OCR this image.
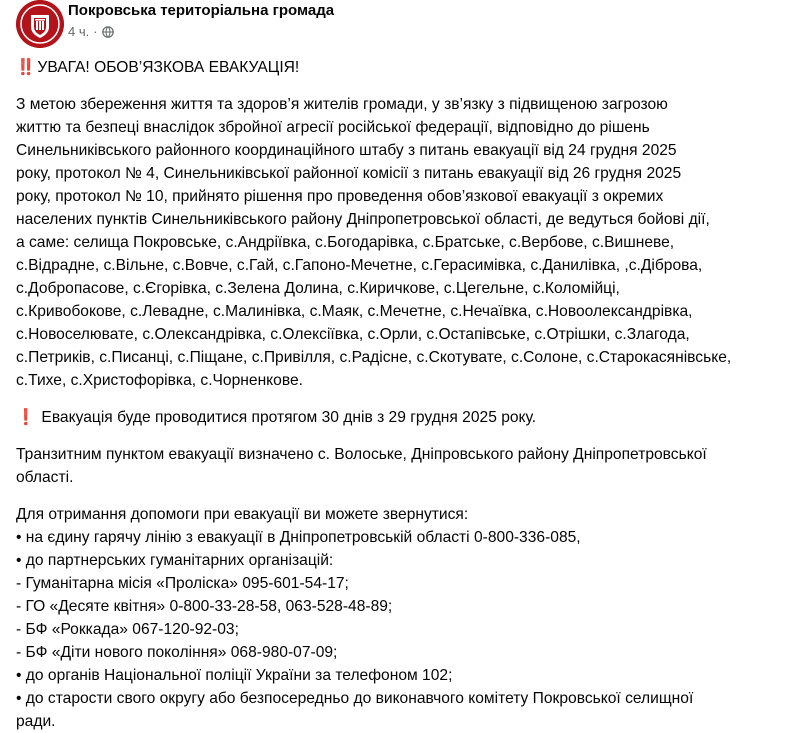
Покровська територіальна громада
4 ч. ·
‼️ УВАГА! ОБОВ’ЯЗКОВА ЕВАКУАЦІЯ!
З метою збереження життя та здоров’я жителів громади, у зв’язку з підвищеною загрозою
життю та безпеці внаслідок збройної агресії російської федерації, відповідно до рішень
Синельниківського районного координаційного штабу з питань евакуації від 24 грудня 2025
року, протокол № 4, Синельниківської районної комісії з питань евакуації від 26 грудня 2025
року, протокол № 10, прийнято рішення про проведення обов’язкової евакуації з окремих
населених пунктів Синельниківського району Дніпропетровської області, де ведуться бойові дії,
а саме: селища Покровське, с.Андріївка, с.Богодарівка, с.Братське, с.Вербове, с.Вишневе,
с.Відрадне, с.Вільне, с.Вовче, с.Гай, с.Гапоно-Мечетне, с.Герасимівка, с.Данилівка, ,с.Діброва,
с.Добропасове, с.Єгорівка, с.Зелена Долина, с.Киричкове, с.Цегельне, с.Коломійці,
с.Кривобокове, с.Левадне, с.Малинівка, с.Маяк, с.Мечетне, с.Нечаївка, с.Новоолександрівка,
с.Новоселювате, с.Олександрівка, с.Олексіївка, с.Орли, с.Остапівське, с.Отрішки, с.Злагода,
с.Петриків, с.Писанці, с.Піщане, с.Привілля, с.Радісне, с.Скотувате, с.Солоне, с.Старокасянівське,
с.Тихе, с.Христофорівка, с.Чорненкове.
❗ Евакуація буде проводитися протягом 30 днів з 29 грудня 2025 року.
Транзитним пунктом евакуації визначено с. Волоське, Дніпровського району Дніпропетровської
області.
Для отримання допомоги при евакуації ви можете звернутися:
• на єдину гарячу лінію з евакуації в Дніпропетровській області 0-800-336-085,
• до партнерських гуманітарних організацій:
- Гуманітарна місія «Проліска» 095-601-54-17;
- ГО «Десяте квітня» 0-800-33-28-58, 063-528-48-89;
- БФ «Роккада» 067-120-92-03;
- БФ «Діти нового покоління» 068-980-07-09;
• до органів Національної поліції України за телефоном 102;
• до старости свого округу або безпосередньо до виконавчого комітету Покровської селищної
ради.
